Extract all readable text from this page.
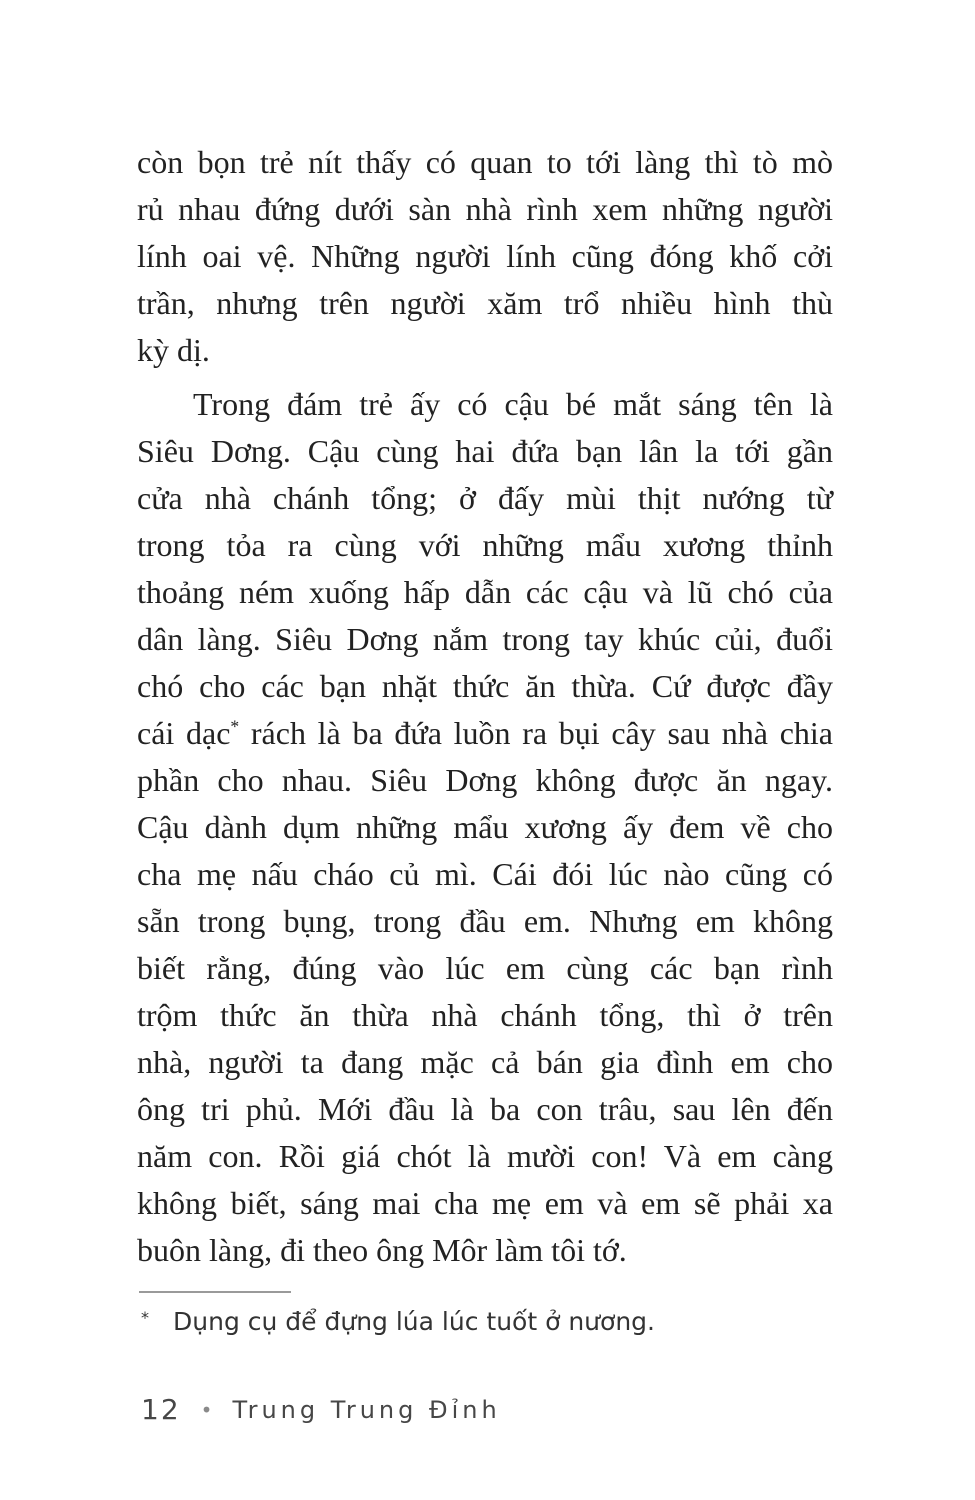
còn bọn trẻ nít thấy có quan to tới làng thì tò mò
rủ nhau đứng dưới sàn nhà rình xem những người
lính oai vệ. Những người lính cũng đóng khố cởi
trần, nhưng trên người xăm trổ nhiều hình thù
kỳ dị.
Trong đám trẻ ấy có cậu bé mắt sáng tên là
Siêu Dơng. Cậu cùng hai đứa bạn lân la tới gần
cửa nhà chánh tổng; ở đấy mùi thịt nướng từ
trong tỏa ra cùng với những mẩu xương thỉnh
thoảng ném xuống hấp dẫn các cậu và lũ chó của
dân làng. Siêu Dơng nắm trong tay khúc củi, đuổi
chó cho các bạn nhặt thức ăn thừa. Cứ được đầy
cái dạc* rách là ba đứa luồn ra bụi cây sau nhà chia
phần cho nhau. Siêu Dơng không được ăn ngay.
Cậu dành dụm những mẩu xương ấy đem về cho
cha mẹ nấu cháo củ mì. Cái đói lúc nào cũng có
sẵn trong bụng, trong đầu em. Nhưng em không
biết rằng, đúng vào lúc em cùng các bạn rình
trộm thức ăn thừa nhà chánh tổng, thì ở trên
nhà, người ta đang mặc cả bán gia đình em cho
ông tri phủ. Mới đầu là ba con trâu, sau lên đến
năm con. Rồi giá chót là mười con! Và em càng
không biết, sáng mai cha mẹ em và em sẽ phải xa
buôn làng, đi theo ông Môr làm tôi tớ.
* Dụng cụ để đựng lúa lúc tuốt ở nương.
12 • Trung Trung Đỉnh
